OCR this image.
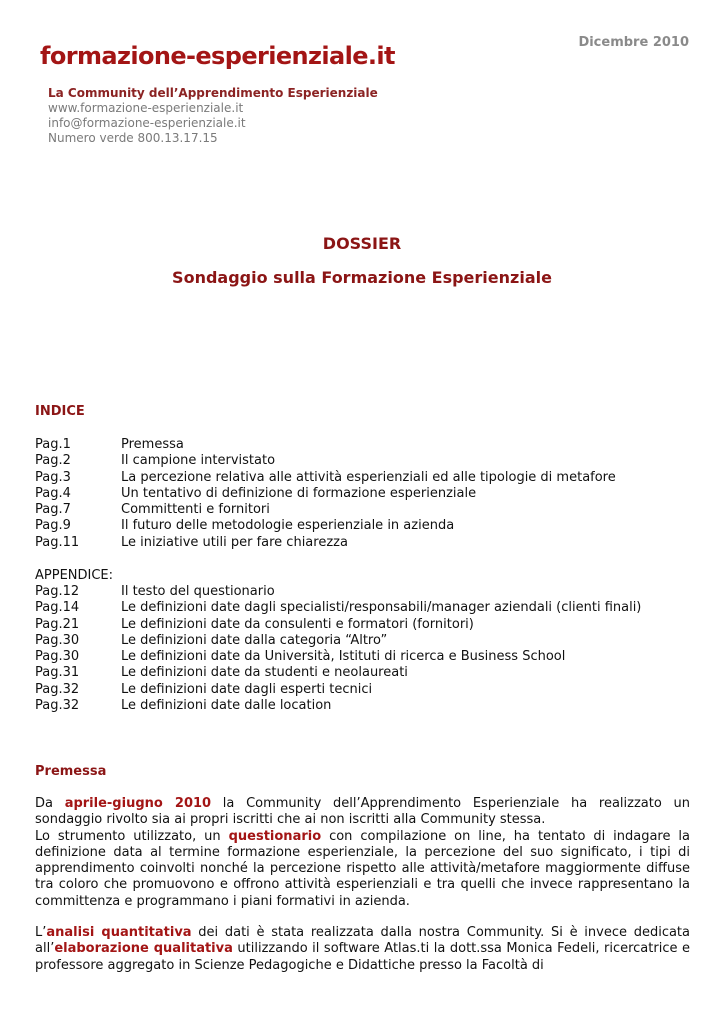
Dicembre 2010
formazione-esperienziale.it
La Community dell’Apprendimento Esperienziale
www.formazione-esperienziale.it
info@formazione-esperienziale.it
Numero verde 800.13.17.15
DOSSIER
Sondaggio sulla Formazione Esperienziale
INDICE
Pag.1	Premessa
Pag.2	Il campione intervistato
Pag.3	La percezione relativa alle attività esperienziali ed alle tipologie di metafore
Pag.4	Un tentativo di definizione di formazione esperienziale
Pag.7	Committenti e fornitori
Pag.9	Il futuro delle metodologie esperienziale in azienda
Pag.11	Le iniziative utili per fare chiarezza
APPENDICE:
Pag.12	Il testo del questionario
Pag.14	Le definizioni date dagli specialisti/responsabili/manager aziendali (clienti finali)
Pag.21	Le definizioni date da consulenti e formatori (fornitori)
Pag.30	Le definizioni date dalla categoria “Altro”
Pag.30	Le definizioni date da Università, Istituti di ricerca e Business School
Pag.31	Le definizioni date da studenti e neolaureati
Pag.32	Le definizioni date dagli esperti tecnici
Pag.32	Le definizioni date dalle location
Premessa

Da aprile-giugno 2010 la Community dell’Apprendimento Esperienziale ha realizzato un sondaggio rivolto sia ai propri iscritti che ai non iscritti alla Community stessa.

Lo strumento utilizzato, un questionario con compilazione on line, ha tentato di indagare la definizione data al termine formazione esperienziale, la percezione del suo significato, i tipi di apprendimento coinvolti nonché la percezione rispetto alle attività/metafore maggiormente diffuse tra coloro che promuovono e offrono attività esperienziali e tra quelli che invece rappresentano la committenza e programmano i piani formativi in azienda.

L’analisi quantitativa dei dati è stata realizzata dalla nostra Community. Si è invece dedicata all’elaborazione qualitativa utilizzando il software Atlas.ti la dott.ssa Monica Fedeli, ricercatrice e professore aggregato in Scienze Pedagogiche e Didattiche presso la Facoltà di
